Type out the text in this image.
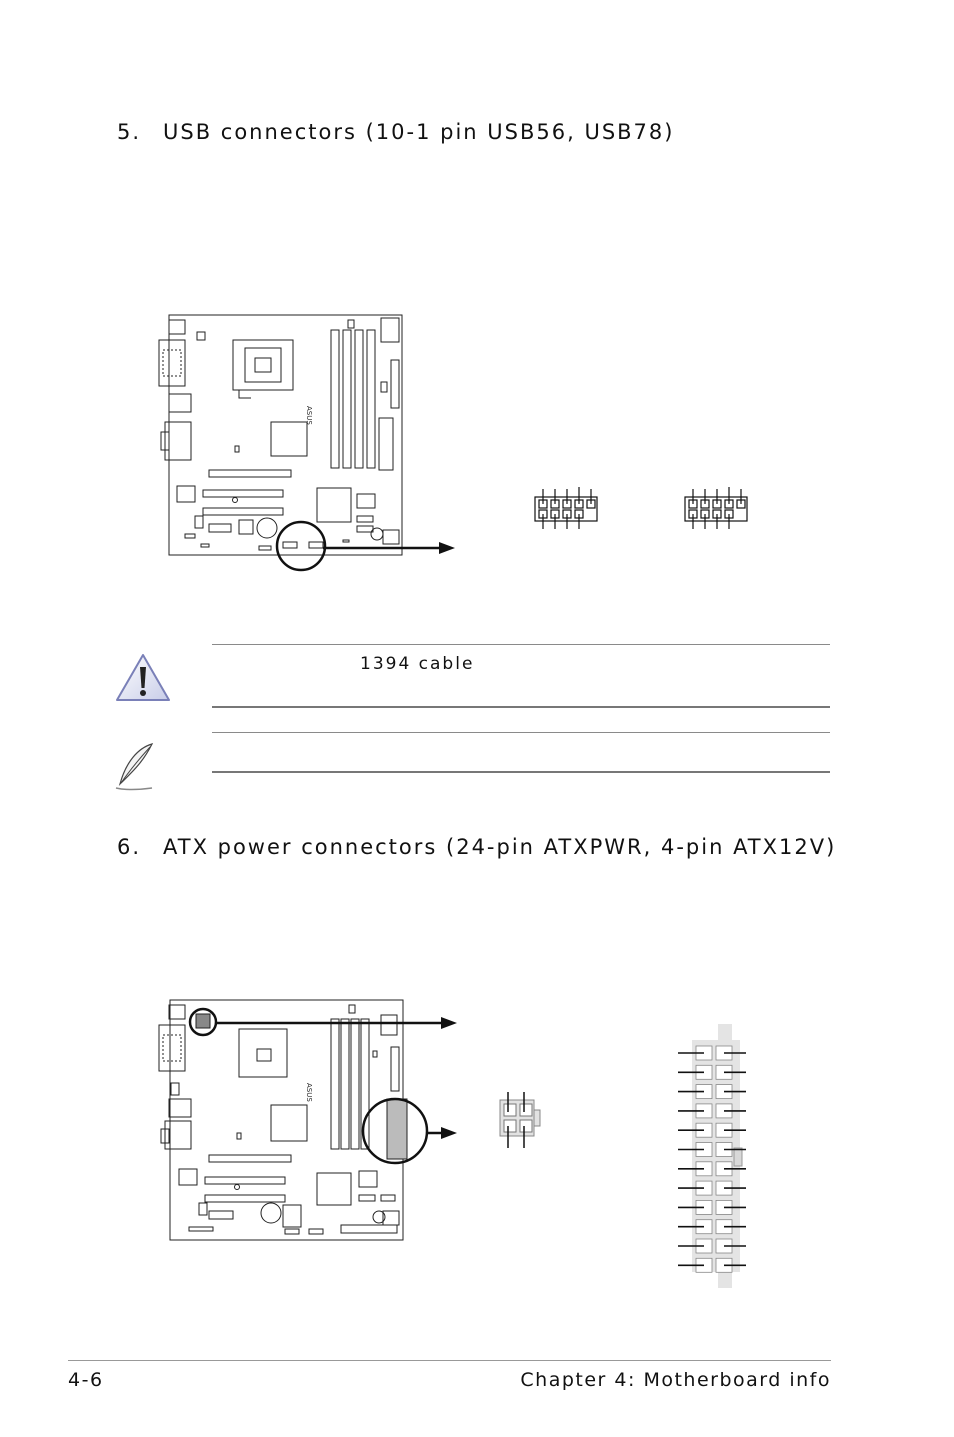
5. USB connectors (10-1 pin USB56, USB78)
ASUS
1394 cable
6. ATX power connectors (24-pin ATXPWR, 4-pin ATX12V)
ASUS
4-6	Chapter 4: Motherboard info
